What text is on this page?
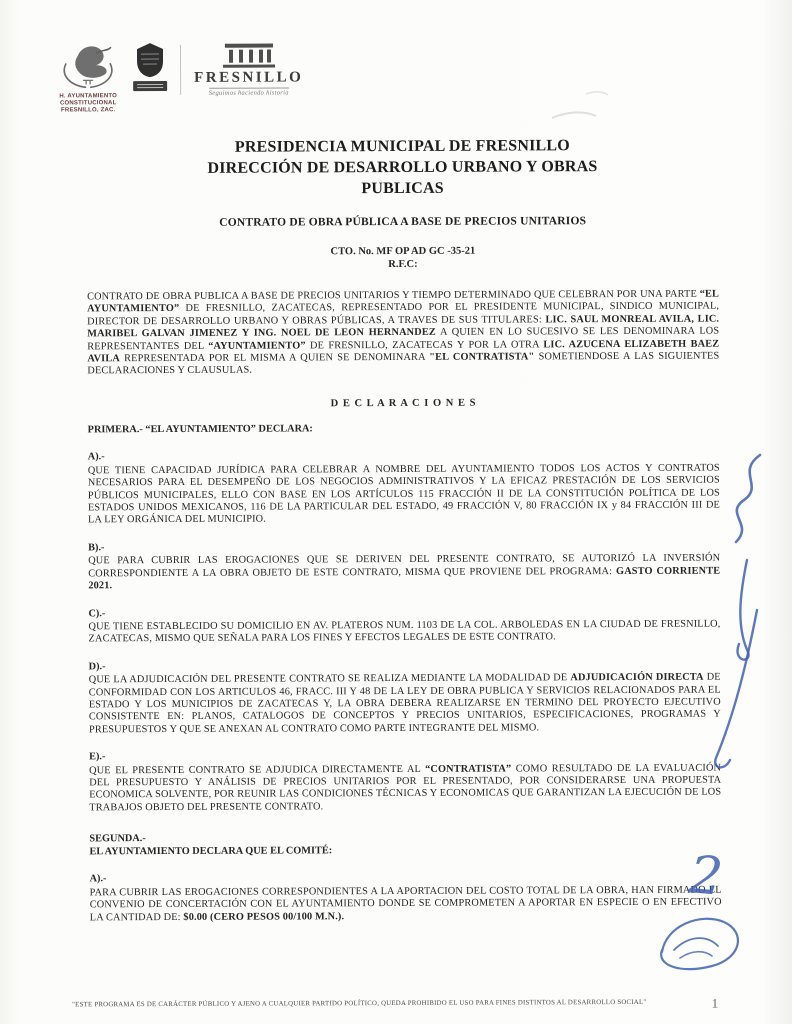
H. AYUNTAMIENTO
CONSTITUCIONAL
FRESNILLO, ZAC.
FRESNILLO
Seguimos haciendo historia
PRESIDENCIA MUNICIPAL DE FRESNILLO
DIRECCIÓN DE DESARROLLO URBANO Y OBRAS
PUBLICAS
CONTRATO DE OBRA PÚBLICA A BASE DE PRECIOS UNITARIOS
CTO. No. MF OP AD GC -35-21
R.F.C:

CONTRATO DE OBRA PUBLICA A BASE DE PRECIOS UNITARIOS Y TIEMPO DETERMINADO QUE CELEBRAN POR UNA PARTE “EL AYUNTAMIENTO” DE FRESNILLO, ZACATECAS, REPRESENTADO POR EL PRESIDENTE MUNICIPAL, SINDICO MUNICIPAL, DIRECTOR DE DESARROLLO URBANO Y OBRAS PÚBLICAS, A TRAVES DE SUS TITULARES: LIC. SAUL MONREAL AVILA, LIC. MARIBEL GALVAN JIMENEZ Y ING. NOEL DE LEON HERNANDEZ A QUIEN EN LO SUCESIVO SE LES DENOMINARA LOS REPRESENTANTES DEL “AYUNTAMIENTO” DE FRESNILLO, ZACATECAS Y POR LA OTRA LIC. AZUCENA ELIZABETH BAEZ AVILA REPRESENTADA POR EL MISMA A QUIEN SE DENOMINARA "EL CONTRATISTA" SOMETIENDOSE A LAS SIGUIENTES DECLARACIONES Y CLAUSULAS.

D E C L A R A C I O N E S
PRIMERA.- “EL AYUNTAMIENTO” DECLARA:
A).-

QUE TIENE CAPACIDAD JURÍDICA PARA CELEBRAR A NOMBRE DEL AYUNTAMIENTO TODOS LOS ACTOS Y CONTRATOS NECESARIOS PARA EL DESEMPEÑO DE LOS NEGOCIOS ADMINISTRATIVOS Y LA EFICAZ PRESTACIÓN DE LOS SERVICIOS PÚBLICOS MUNICIPALES, ELLO CON BASE EN LOS ARTÍCULOS 115 FRACCIÓN II DE LA CONSTITUCIÓN POLÍTICA DE LOS ESTADOS UNIDOS MEXICANOS, 116 DE LA PARTICULAR DEL ESTADO, 49 FRACCIÓN V, 80 FRACCIÓN IX y 84 FRACCIÓN III DE LA LEY ORGÁNICA DEL MUNICIPIO.

B).-

QUE PARA CUBRIR LAS EROGACIONES QUE SE DERIVEN DEL PRESENTE CONTRATO, SE AUTORIZÓ LA INVERSIÓN CORRESPONDIENTE A LA OBRA OBJETO DE ESTE CONTRATO, MISMA QUE PROVIENE DEL PROGRAMA: GASTO CORRIENTE 2021.

C).-

QUE TIENE ESTABLECIDO SU DOMICILIO EN AV. PLATEROS NUM. 1103 DE LA COL. ARBOLEDAS EN LA CIUDAD DE FRESNILLO, ZACATECAS, MISMO QUE SEÑALA PARA LOS FINES Y EFECTOS LEGALES DE ESTE CONTRATO.

D).-

QUE LA ADJUDICACIÓN DEL PRESENTE CONTRATO SE REALIZA MEDIANTE LA MODALIDAD DE ADJUDICACIÓN DIRECTA DE CONFORMIDAD CON LOS ARTICULOS 46, FRACC. III Y 48 DE LA LEY DE OBRA PUBLICA Y SERVICIOS RELACIONADOS PARA EL ESTADO Y LOS MUNICIPIOS DE ZACATECAS Y, LA OBRA DEBERA REALIZARSE EN TERMINO DEL PROYECTO EJECUTIVO CONSISTENTE EN: PLANOS, CATALOGOS DE CONCEPTOS Y PRECIOS UNITARIOS, ESPECIFICACIONES, PROGRAMAS Y PRESUPUESTOS Y QUE SE ANEXAN AL CONTRATO COMO PARTE INTEGRANTE DEL MISMO.

E).-

QUE EL PRESENTE CONTRATO SE ADJUDICA DIRECTAMENTE AL “CONTRATISTA” COMO RESULTADO DE LA EVALUACIÓN DEL PRESUPUESTO Y ANÁLISIS DE PRECIOS UNITARIOS POR EL PRESENTADO, POR CONSIDERARSE UNA PROPUESTA ECONOMICA SOLVENTE, POR REUNIR LAS CONDICIONES TÉCNICAS Y ECONOMICAS QUE GARANTIZAN LA EJECUCIÓN DE LOS TRABAJOS OBJETO DEL PRESENTE CONTRATO.

SEGUNDA.-
EL AYUNTAMIENTO DECLARA QUE EL COMITÉ:
A).-

PARA CUBRIR LAS EROGACIONES CORRESPONDIENTES A LA APORTACION DEL COSTO TOTAL DE LA OBRA, HAN FIRMADO EL CONVENIO DE CONCERTACIÓN CON EL AYUNTAMIENTO DONDE SE COMPROMETEN A APORTAR EN ESPECIE O EN EFECTIVO LA CANTIDAD DE: $0.00 (CERO PESOS 00/100 M.N.).

"ESTE PROGRAMA ES DE CARÁCTER PÚBLICO Y AJENO A CUALQUIER PARTIDO POLÍTICO, QUEDA PROHIBIDO EL USO PARA FINES DISTINTOS AL DESARROLLO SOCIAL"	1
2
